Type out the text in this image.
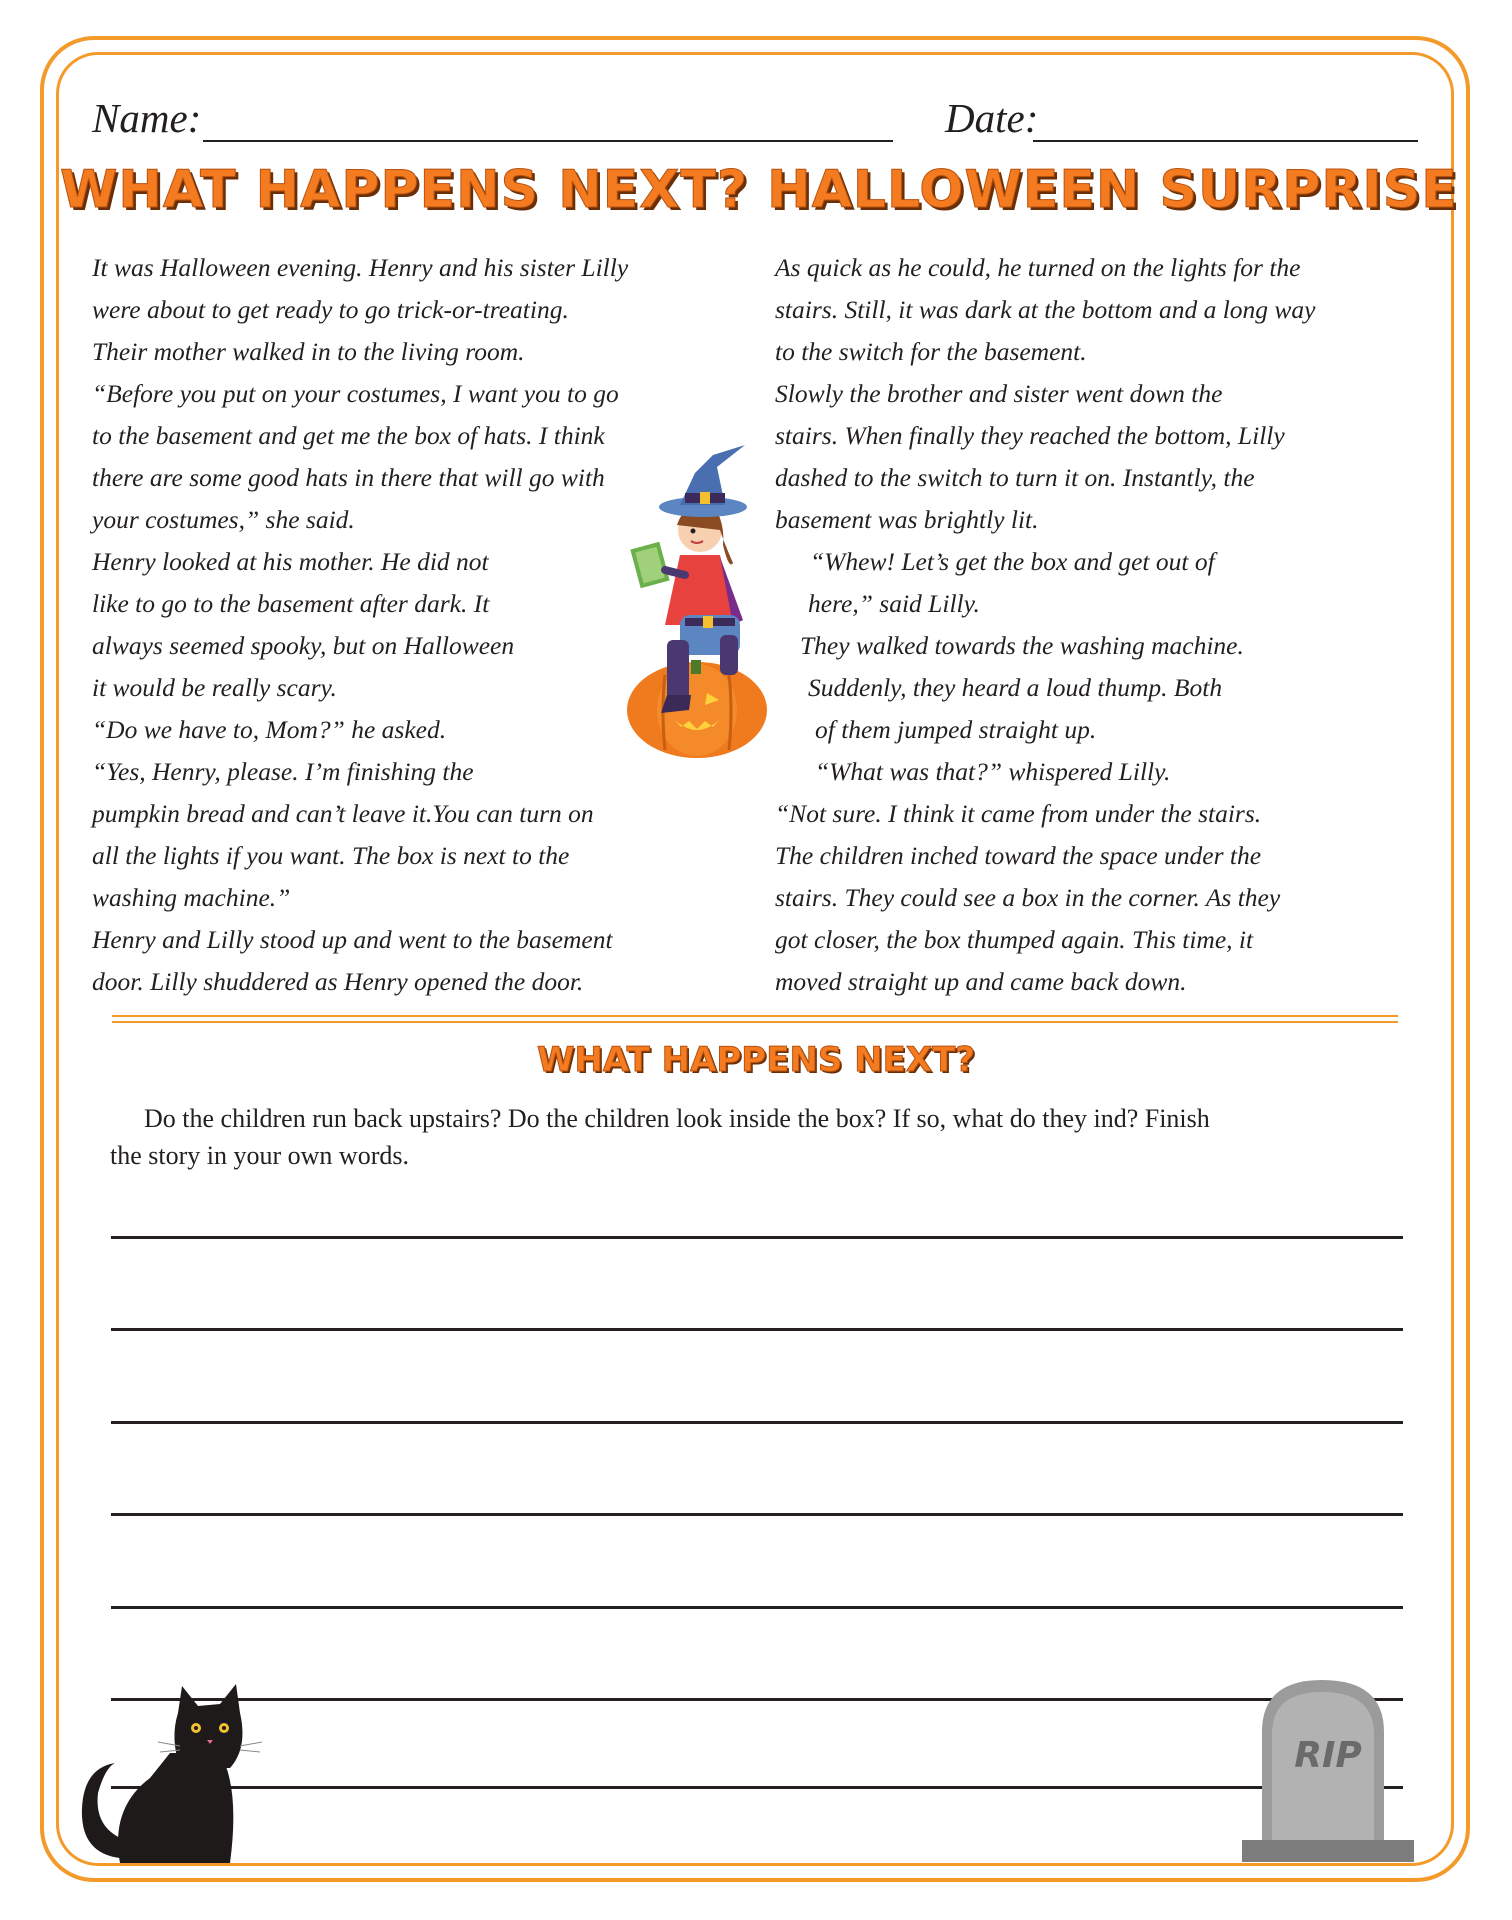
Name:	Date:
WHAT HAPPENS NEXT? HALLOWEEN SURPRISE
It was Halloween evening. Henry and his sister Lilly
were about to get ready to go trick-or-treating.
Their mother walked in to the living room.
“Before you put on your costumes, I want you to go
to the basement and get me the box of hats. I think
there are some good hats in there that will go with
your costumes,” she said.
Henry looked at his mother. He did not
like to go to the basement after dark. It
always seemed spooky, but on Halloween
it would be really scary.
“Do we have to, Mom?” he asked.
“Yes, Henry, please. I’m finishing the
pumpkin bread and can’t leave it.You can turn on
all the lights if you want. The box is next to the
washing machine.”
Henry and Lilly stood up and went to the basement
door. Lilly shuddered as Henry opened the door.
As quick as he could, he turned on the lights for the
stairs. Still, it was dark at the bottom and a long way
to the switch for the basement.
Slowly the brother and sister went down the
stairs. When finally they reached the bottom, Lilly
dashed to the switch to turn it on. Instantly, the
basement was brightly lit.
“Whew! Let’s get the box and get out of
here,” said Lilly.
They walked towards the washing machine.
Suddenly, they heard a loud thump. Both
of them jumped straight up.
“What was that?” whispered Lilly.
“Not sure. I think it came from under the stairs.
The children inched toward the space under the
stairs. They could see a box in the corner. As they
got closer, the box thumped again. This time, it
moved straight up and came back down.
WHAT HAPPENS NEXT?
Do the children run back upstairs? Do the children look inside the box? If so, what do they ind? Finish
the story in your own words.
RIP
